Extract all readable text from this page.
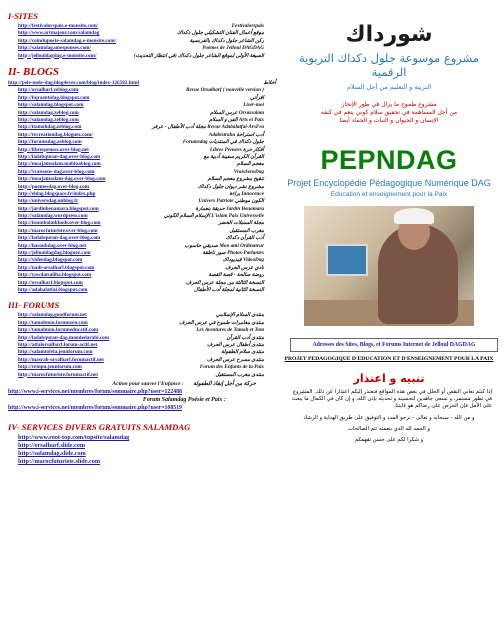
I-SITES
http://festivalorspais.e-monsite.com/	Festivalorspais
http://www.artmajeur.com/salamdag	موقع أعمال الفنان التشكيلي جلول دكداك
http://coindupoete-salamdag.e-monsite.com/	ركن الشاعر جلول دكداك بالفرنسية
http://salamdag.unesponses.com/	Poèmes de Jelloul DAGDAG
http://jellouldagdag.e-monsite.com/	الصيغة الأولى لموقع الشاعر جلول دكداك (في انتظار التحديث)
II- BLOGS
http://pele-mele-dag.blog4ever.com/blog/index-126582.html	أخلاط
http://orsalharf.zeblog.com	Revue Orsalharf ( nouvelle version )
http://liqraentidag.blogspot.com	اقرأني
http://salamdag.blogspot.com	Liser-moi
http://salamdag.zeblog.com	عرس السلام Orsassalam
http://salamdag.zeblog.com	الفن و السلام Arts et Paix
http://itamohdag.zeblog.com	مجلة أدب الأطفال - عرفر Revue Adabalatfal-ArsFra
http://recreationdag.bloguez.com/	Adabistraha أدب استراحة
http://forumsdag.zeblog.com	Forumsdag جلول دكداك في المنتديات
http://librespenses.over-blog.net	Libres Pensées أفكار حرة
http://ladabquran-dag.over-blog.com	القرآن الكريم سفينة أدبية مع
http://moajamsalam.mabloablog.com	معجم السلام
http://vraissens-dag.over-blog.com	VraisSensDag
http://moajamsalam-dag.over-blog.com	تنقيح مشروع معجم السلام
http://poemesdag.over-blog.com	مشروع نشر ديوان جلول دكداك
http://eldag.blogspace.fr/index.php	براءة Innocence
http://universdag.unblog.fr	Univers Patriote الكون موطني
http://jardinbenamara.blogspot.com	حديقة بنعمارة Jardin Benamara
http://salamdag.wordpress.com	الإسلام السلام الكوني L'islam Paix Universelle
http://isounbolatkhodr.over-blog.com	مجلة السنبلات الخضر
http://marocfuturiste.over-blog.com	مغرب المستقبل
http://ladabquran-dag.over-blog.com	أدب القرآن دكداك
http://hasoubdag.over-blog.net	صديقي حاسوب Mon ami Ordinateur
http://jellouldagdag.bloguez.com	صور ناطقة Photos-Parlantes
http://videodag.blogspot.com	فيديوداك VideoDag
http://nadi-orsalharf.blogspot.com	نادي عرس الحرف
http://rawdatsaliha.blogspot.com	روضة صالحة - قصة القصة
http://orsalharf.blogspot.com	النسخة الثالثة من مجلة عرس الحرف
http://adabalatfal.blogspot.com	النسخة الثانية لمجلة أدب الأطفال
III- FORUMS
http://salamdag.goodforum.net	منتدى السلام الإسلامي
http://tamohtom.forumzen.com	منتدى مغامرات طموح في عرس الحرف
http://tamohtom.forumeducatif.com	Les Aventures de Tamoh et Tom
http://ladabquran-dag.mondedarabi.com	منتدى أدب القرآن
http://atfalorsalharf.forum-actif.net	منتدى أطفال عرس الحرف
http://salamtofela.jeunforum.com	منتدى سلام الطفولة
http://masrah-orsalharf.forumactif.net	منتدى مسرح عرس الحرف
http://rempu.jeunforum.com	Forum des Enfants de la Paix
http://marocfuturiste.forumactif.net	منتدى مغرب المستقبل
Action pour sauver l'Enfance : حركة من أجل إنقاذ الطفولة
http://www.i-services.net/membres/forum/sommaire.php?user=122488
Forum Salamdag Poésie et Paix :
http://www.i-services.net/membres/forum/sommaire.php?user=108519
IV- SERVICES DIVERS GRATUITS SALAMDAG
http://www.root-top.com/topsite/salamdag
http://orsalharf.slide.com
http://salamdag.slide.com
http://marocfuturiste.slide.com
شورداك
مشروع موسوعة جلول دكداك التربوية الرقمية
التربية و التعليم من أجل السلام
مشروع طموح ما يزال في طور الإنجاز
من أجل المساهمة في تحقيق سلام كوني ينعم في كنفه
الإنسان و الحيوان و النبات و الجماد أيضا
PEPNDAG
Projet Encyclopédie Pédagogique Numérique DAG
Education et enseignement pour la Paix
Adresses des Sites, Blogs, et Forums Internet de Jelloul DAGDAG
PROJET PEDAGOGIQUE D'EDUCATION ET D'ENSEIGNEMENT POUR LA PAIX
تنبيه و اعتذار
إذا كنتم تعاني النقص أو الخلل في بعض هذه المواقع فنعتذر إليكم اعتذارا عن ذلك. المشروع في تطور مستمر، و نسعى جاهدين لتحسينه و تحديثه بإذن الله، و إن كان في الكمال ما يبعث على الأمل فإن الحرص على رضاكم هو غايتنا.
و من الله - سبحانه و تعالى - نرجو المدد و التوفيق على طريق الهداية و الرشاد
و الحمد لله الذي بنعمته تتم الصالحات
و شكرا لكم على حسن تفهمكم
